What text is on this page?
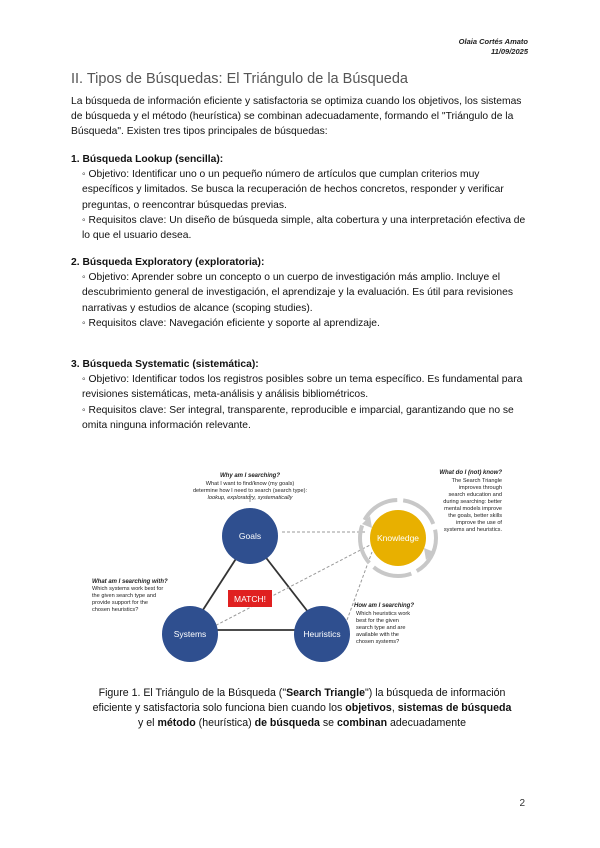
Olaia Cortés Amato
11/09/2025
II. Tipos de Búsquedas: El Triángulo de la Búsqueda

La búsqueda de información eficiente y satisfactoria se optimiza cuando los objetivos, los sistemas de búsqueda y el método (heurística) se combinan adecuadamente, formando el "Triángulo de la Búsqueda". Existen tres tipos principales de búsquedas:

1. Búsqueda Lookup (sencilla):

◦ Objetivo: Identificar uno o un pequeño número de artículos que cumplan criterios muy específicos y limitados. Se busca la recuperación de hechos concretos, responder y verificar preguntas, o reencontrar búsquedas previas.

◦ Requisitos clave: Un diseño de búsqueda simple, alta cobertura y una interpretación efectiva de lo que el usuario desea.

2. Búsqueda Exploratory (exploratoria):

◦ Objetivo: Aprender sobre un concepto o un cuerpo de investigación más amplio. Incluye el descubrimiento general de investigación, el aprendizaje y la evaluación. Es útil para revisiones narrativas y estudios de alcance (scoping studies).

◦ Requisitos clave: Navegación eficiente y soporte al aprendizaje.

3. Búsqueda Systematic (sistemática):

◦ Objetivo: Identificar todos los registros posibles sobre un tema específico. Es fundamental para revisiones sistemáticas, meta-análisis y análisis bibliométricos.

◦ Requisitos clave: Ser integral, transparente, reproducible e imparcial, garantizando que no se omita ninguna información relevante.

Goals
Systems	Heuristics
Knowledge
MATCH!
Why am I searching?
What I want to find/know (my goals)
determine how I need to search (search type):
lookup, exploratory, systematically
What am I searching with?
Which systems work best for
the given search type and
provide support for the
chosen heuristics?
How am I searching?
Which heuristics work
best for the given
search type and are
available with the
chosen systems?
What do I (not) know?
The Search Triangle
improves through
search education and
during searching: better
mental models improve
the goals, better skills
improve the use of
systems and heuristics.
Figure 1. El Triángulo de la Búsqueda ("Search Triangle") la búsqueda de información
eficiente y satisfactoria solo funciona bien cuando los objetivos, sistemas de búsqueda
y el método (heurística) de búsqueda se combinan adecuadamente
2
